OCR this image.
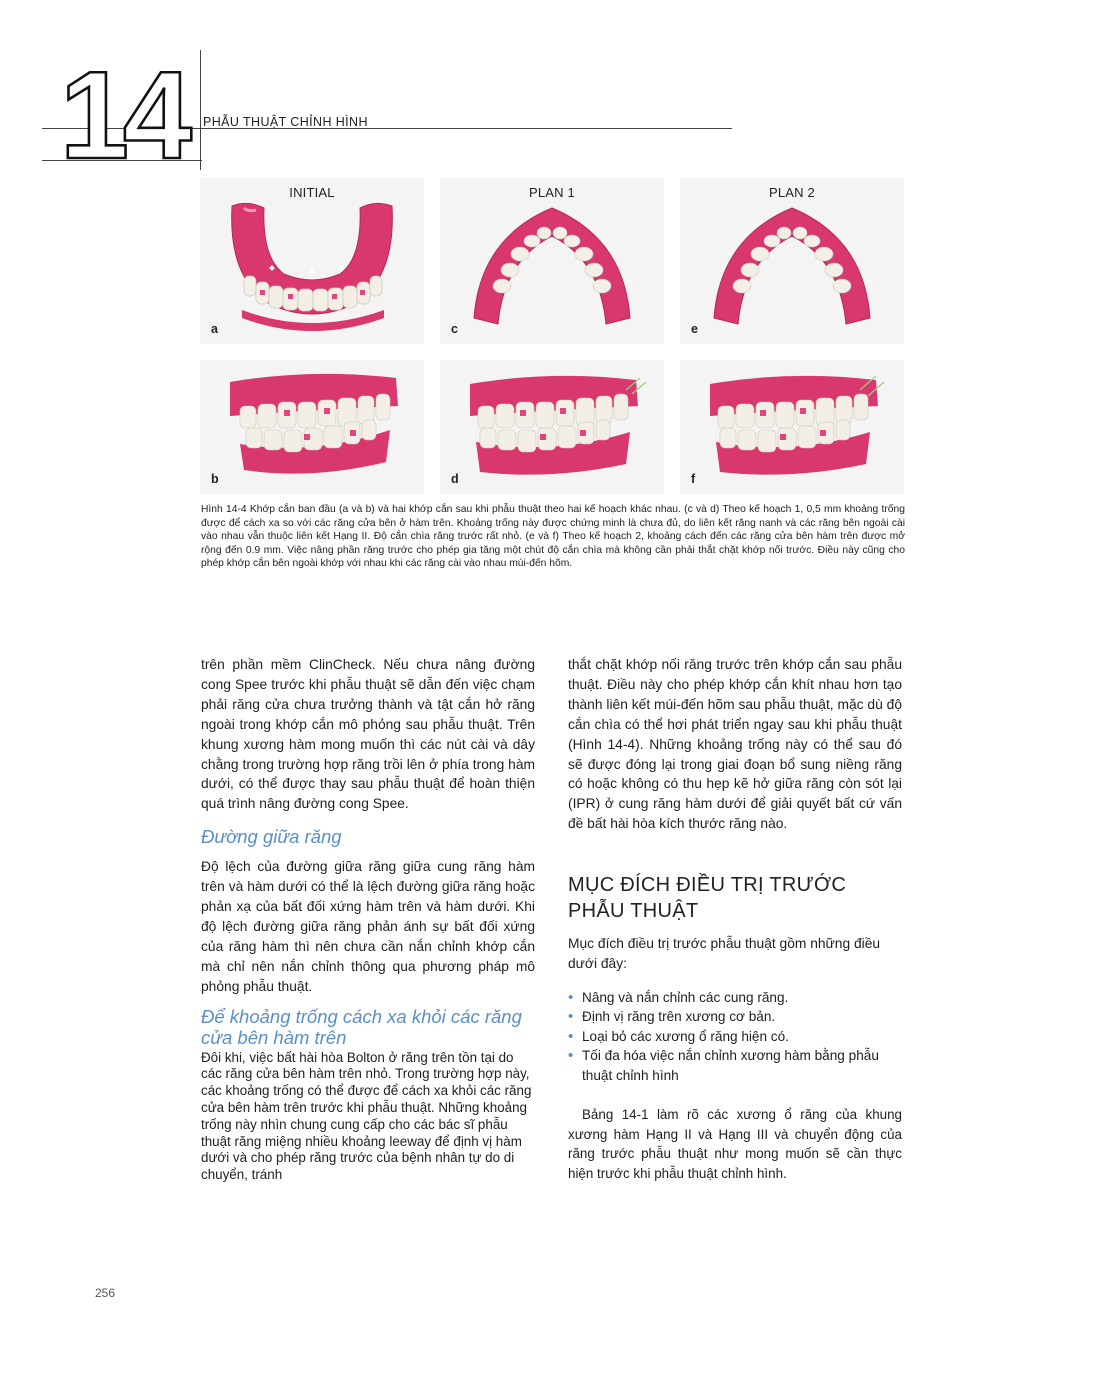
14	PHẪU THUẬT CHỈNH HÌNH
INITIAL
a
PLAN 1
c
PLAN 2
e
b	d	f
Hình 14-4 Khớp cắn ban đầu (a và b) và hai khớp cắn sau khi phẫu thuật theo hai kế hoạch khác nhau. (c và d) Theo kế hoạch 1, 0,5 mm khoảng trống được để cách xa so với các răng cửa bên ở hàm trên. Khoảng trống này được chứng minh là chưa đủ, do liên kết răng nanh và các răng bên ngoài cài vào nhau vẫn thuộc liên kết Hạng II. Độ cắn chìa răng trước rất nhỏ. (e và f) Theo kế hoạch 2, khoảng cách đến các răng cửa bên hàm trên được mở rộng đến 0.9 mm. Việc nâng phần răng trước cho phép gia tăng một chút độ cắn chìa mà không cần phải thắt chặt khớp nối trước. Điều này cũng cho phép khớp cắn bên ngoài khớp với nhau khi các răng cài vào nhau múi-đến hõm.

trên phần mềm ClinCheck. Nếu chưa nâng đường cong Spee trước khi phẫu thuật sẽ dẫn đến việc chạm phải răng cửa chưa trưởng thành và tật cắn hở răng ngoài trong khớp cắn mô phỏng sau phẫu thuật. Trên khung xương hàm mong muốn thì các nút cài và dây chằng trong trường hợp răng trồi lên ở phía trong hàm dưới, có thể được thay sau phẫu thuật để hoàn thiện quá trình nâng đường cong Spee.

Đường giữa răng

Độ lệch của đường giữa răng giữa cung răng hàm trên và hàm dưới có thể là lệch đường giữa răng hoặc phản xạ của bất đối xứng hàm trên và hàm dưới. Khi độ lệch đường giữa răng phản ánh sự bất đối xứng của răng hàm thì nên chưa cần nắn chỉnh khớp cắn mà chỉ nên nắn chỉnh thông qua phương pháp mô phỏng phẫu thuật.

Để khoảng trống cách xa khỏi các răng cửa bên hàm trên

Đôi khi, việc bất hài hòa Bolton ở răng trên tồn tại do các răng cửa bên hàm trên nhỏ. Trong trường hợp này, các khoảng trống có thể được để cách xa khỏi các răng cửa bên hàm trên trước khi phẫu thuật. Những khoảng trống này nhìn chung cung cấp cho các bác sĩ phẫu thuật răng miệng nhiều khoảng leeway để định vị hàm dưới và cho phép răng trước của bệnh nhân tự do di chuyển, tránh

thắt chặt khớp nối răng trước trên khớp cắn sau phẫu thuật. Điều này cho phép khớp cắn khít nhau hơn tạo thành liên kết múi-đến hõm sau phẫu thuật, mặc dù độ cắn chìa có thể hơi phát triển ngay sau khi phẫu thuật (Hình 14-4). Những khoảng trống này có thể sau đó sẽ được đóng lại trong giai đoạn bổ sung niềng răng có hoặc không có thu hẹp kẽ hở giữa răng còn sót lại (IPR) ở cung răng hàm dưới để giải quyết bất cứ vấn đề bất hài hòa kích thước răng nào.

MỤC ĐÍCH ĐIỀU TRỊ TRƯỚC PHẪU THUẬT

Mục đích điều trị trước phẫu thuật gồm những điều dưới đây:

• Nâng và nắn chỉnh các cung răng.
• Định vị răng trên xương cơ bản.
• Loại bỏ các xương ổ răng hiện có.
• Tối đa hóa việc nắn chỉnh xương hàm bằng phẫu thuật chỉnh hình

Bảng 14-1 làm rõ các xương ổ răng của khung xương hàm Hạng II và Hạng III và chuyển động của răng trước phẫu thuật như mong muốn sẽ cần thực hiện trước khi phẫu thuật chỉnh hình.

256
